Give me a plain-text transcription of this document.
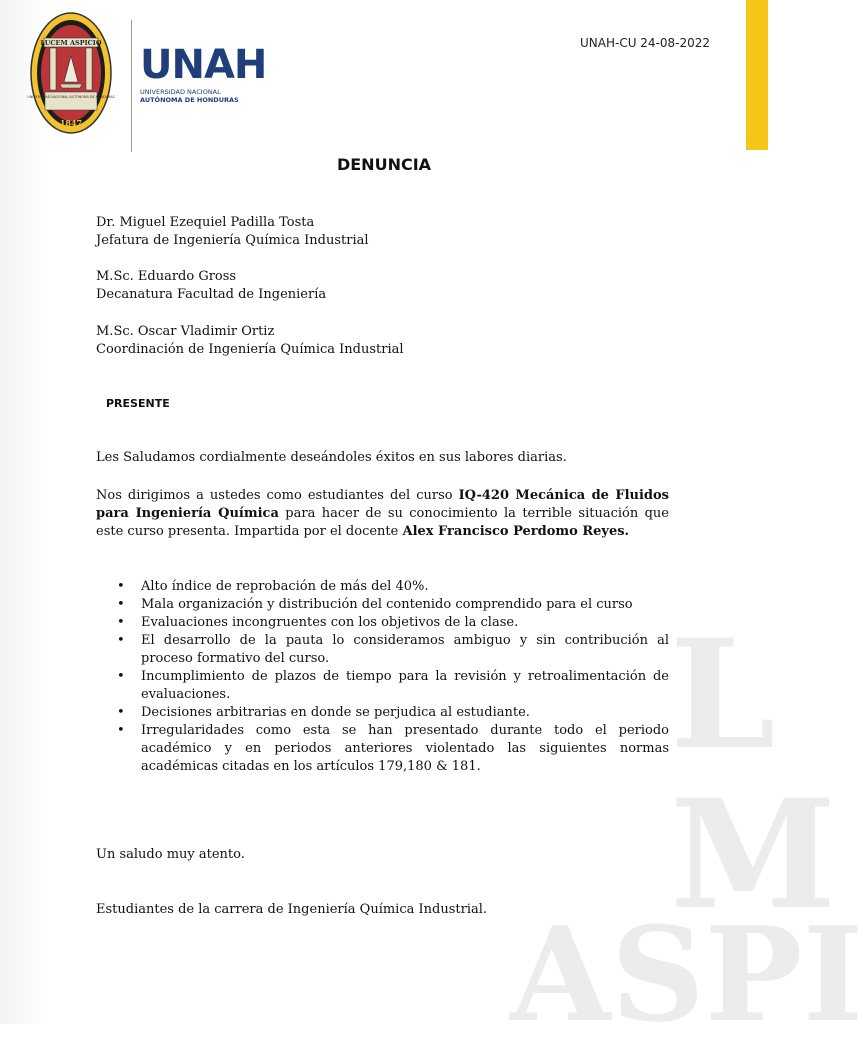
L
M
ASPI
LUCEM ASPICIO
UNIVERSIDAD NACIONAL AUTONOMA DE HONDURAS
1847
UNAH
UNIVERSIDAD NACIONAL
AUTÓNOMA DE HONDURAS
UNAH-CU 24-08-2022
DENUNCIA
Dr. Miguel Ezequiel Padilla Tosta
Jefatura de Ingeniería Química Industrial
M.Sc. Eduardo Gross
Decanatura Facultad de Ingeniería
M.Sc. Oscar Vladimir Ortiz
Coordinación de Ingeniería Química Industrial
PRESENTE
Les Saludamos cordialmente deseándoles éxitos en sus labores diarias.
Nos dirigimos a ustedes como estudiantes del curso IQ-420 Mecánica de Fluidos para Ingeniería Química para hacer de su conocimiento la terrible situación que este curso presenta. Impartida por el docente Alex Francisco Perdomo Reyes.
• Alto índice de reprobación de más del 40%.
• Mala organización y distribución del contenido comprendido para el curso
• Evaluaciones incongruentes con los objetivos de la clase.
• El desarrollo de la pauta lo consideramos ambiguo y sin contribución al proceso formativo del curso.
• Incumplimiento de plazos de tiempo para la revisión y retroalimentación de evaluaciones.
• Decisiones arbitrarias en donde se perjudica al estudiante.
• Irregularidades como esta se han presentado durante todo el periodo académico y en periodos anteriores violentado las siguientes normas académicas citadas en los artículos 179,180 & 181.
Un saludo muy atento.
Estudiantes de la carrera de Ingeniería Química Industrial.
